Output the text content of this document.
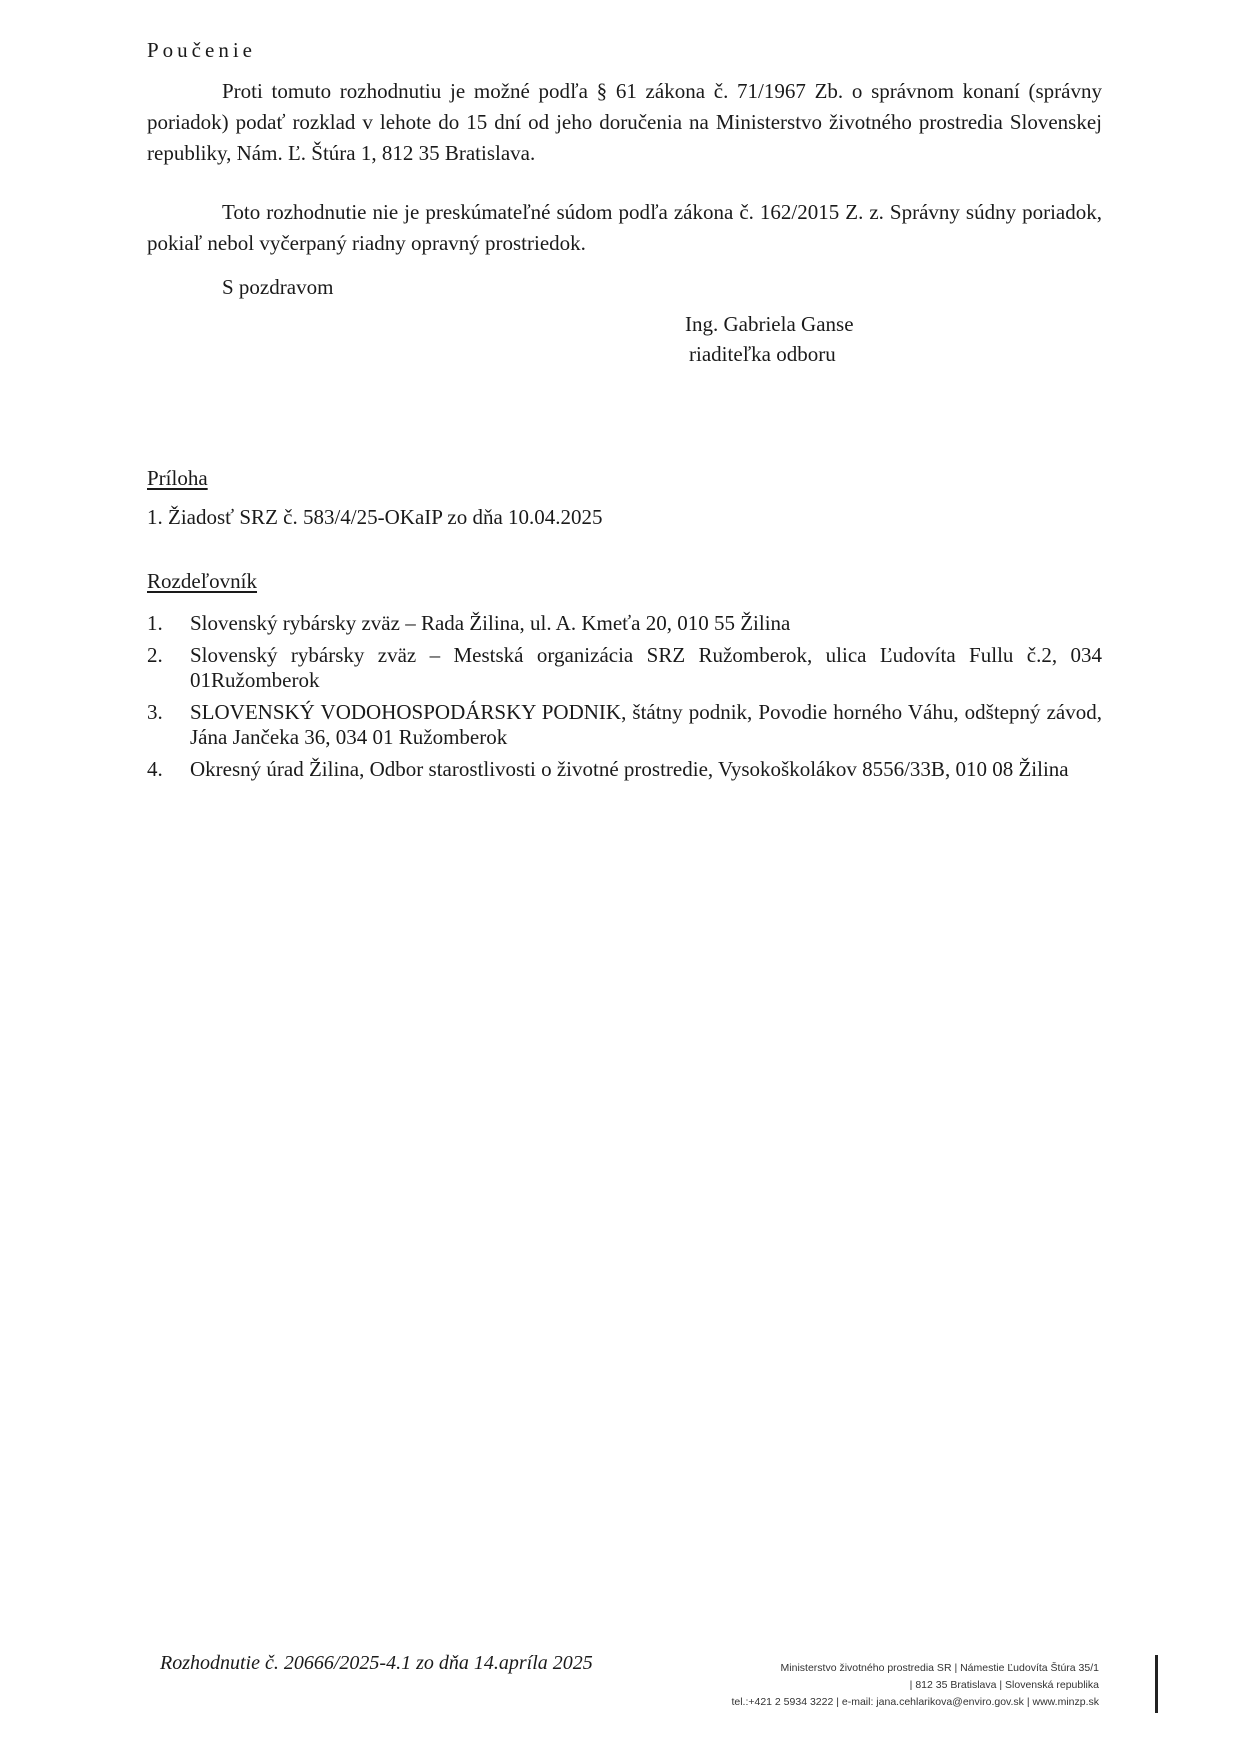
Poučenie

Proti tomuto rozhodnutiu je možné podľa § 61 zákona č. 71/1967 Zb. o správnom konaní (správny poriadok) podať rozklad v lehote do 15 dní od jeho doručenia na Ministerstvo životného prostredia Slovenskej republiky, Nám. Ľ. Štúra 1, 812 35 Bratislava.

Toto rozhodnutie nie je preskúmateľné súdom podľa zákona č. 162/2015 Z. z. Správny súdny poriadok, pokiaľ nebol vyčerpaný riadny opravný prostriedok.

S pozdravom
Ing. Gabriela Ganse
riaditeľka odboru
Príloha
1. Žiadosť SRZ č. 583/4/25-OKaIP zo dňa 10.04.2025
Rozdeľovník
1.	Slovenský rybársky zväz – Rada Žilina, ul. A. Kmeťa 20, 010 55 Žilina
2.	Slovenský rybársky zväz – Mestská organizácia SRZ Ružomberok, ulica Ľudovíta Fullu č.2, 034 01Ružomberok
3.	SLOVENSKÝ VODOHOSPODÁRSKY PODNIK, štátny podnik, Povodie horného Váhu, odštepný závod, Jána Jančeka 36, 034 01 Ružomberok
4.	Okresný úrad Žilina, Odbor starostlivosti o životné prostredie, Vysokoškolákov 8556/33B, 010 08 Žilina
Rozhodnutie č. 20666/2025-4.1 zo dňa 14.apríla 2025	Ministerstvo životného prostredia SR | Námestie Ľudovíta Štúra 35/1
| 812 35 Bratislava | Slovenská republika
tel.:+421 2 5934 3222 | e-mail: jana.cehlarikova@enviro.gov.sk | www.minzp.sk
